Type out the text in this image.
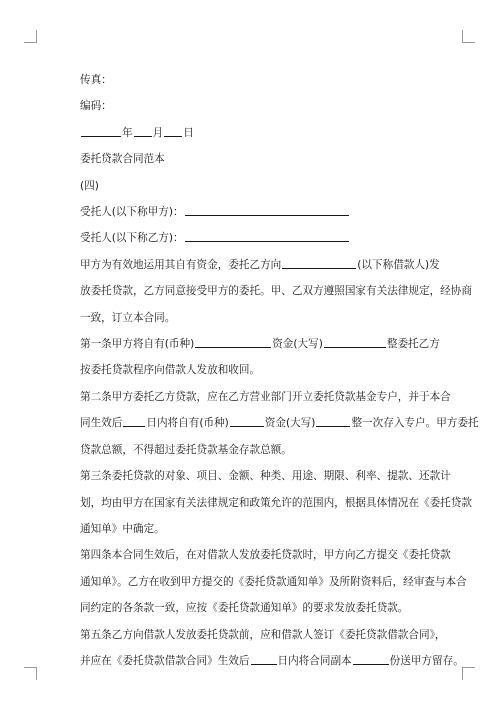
传真：
编码：
年 月 日
委托贷款合同范本
(四)
受托人(以下称甲方)：
受托人(以下称乙方)：
甲方为有效地运用其自有资金，委托乙方向	(以下称借款人)发
放委托贷款，乙方同意接受甲方的委托。甲、乙双方遵照国家有关法律规定，经协商
一致，订立本合同。
第一条甲方将自有(币种)	资金(大写)	整委托乙方
按委托贷款程序向借款人发放和收回。
第二条甲方委托乙方贷款，应在乙方营业部门开立委托贷款基金专户，并于本合
同生效后 日内将自有(币种)	资金(大写)	整一次存入专户。甲方委托
贷款总额，不得超过委托贷款基金存款总额。
第三条委托贷款的对象、项目、金额、种类、用途、期限、利率、提款、还款计
划，均由甲方在国家有关法律规定和政策允许的范围内，根据具体情况在《委托贷款
通知单》中确定。
第四条本合同生效后，在对借款人发放委托贷款时，甲方向乙方提交《委托贷款
通知单》。乙方在收到甲方提交的《委托贷款通知单》及所附资料后，经审查与本合
同约定的各条款一致，应按《委托贷款通知单》的要求发放委托贷款。
第五条乙方向借款人发放委托贷款前，应和借款人签订《委托贷款借款合同》，
并应在《委托贷款借款合同》生效后	日内将合同副本	份送甲方留存。
